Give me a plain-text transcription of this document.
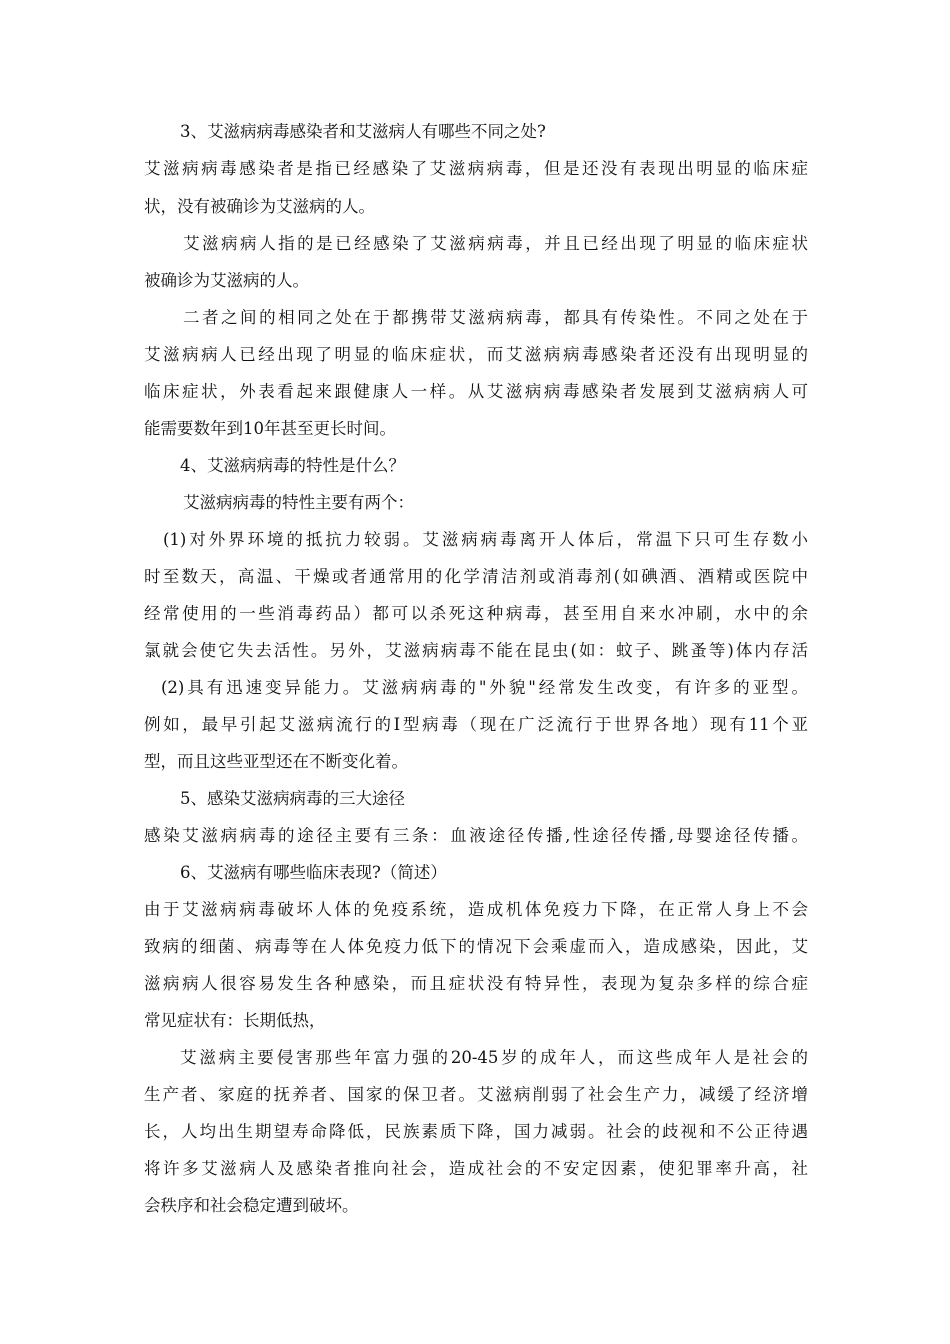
3、艾滋病病毒感染者和艾滋病人有哪些不同之处?
艾滋病病毒感染者是指已经感染了艾滋病病毒，但是还没有表现出明显的临床症
状，没有被确诊为艾滋病的人。
艾滋病病人指的是已经感染了艾滋病病毒，并且已经出现了明显的临床症状
被确诊为艾滋病的人。
二者之间的相同之处在于都携带艾滋病病毒，都具有传染性。不同之处在于
艾滋病病人已经出现了明显的临床症状，而艾滋病病毒感染者还没有出现明显的
临床症状，外表看起来跟健康人一样。从艾滋病病毒感染者发展到艾滋病病人可
能需要数年到10年甚至更长时间。
4、艾滋病病毒的特性是什么？
艾滋病病毒的特性主要有两个：
(1)对外界环境的抵抗力较弱。艾滋病病毒离开人体后，常温下只可生存数小
时至数天，高温、干燥或者通常用的化学清洁剂或消毒剂(如碘酒、酒精或医院中
经常使用的一些消毒药品）都可以杀死这种病毒，甚至用自来水冲刷，水中的余
氯就会使它失去活性。另外，艾滋病病毒不能在昆虫(如：蚊子、跳蚤等)体内存活
(2)具有迅速变异能力。艾滋病病毒的"外貌"经常发生改变，有许多的亚型。
例如，最早引起艾滋病流行的Ⅰ型病毒（现在广泛流行于世界各地）现有11个亚
型，而且这些亚型还在不断变化着。
5、感染艾滋病病毒的三大途径
感染艾滋病病毒的途径主要有三条：血液途径传播,性途径传播,母婴途径传播。
6、艾滋病有哪些临床表现?（简述）
由于艾滋病病毒破坏人体的免疫系统，造成机体免疫力下降，在正常人身上不会
致病的细菌、病毒等在人体免疫力低下的情况下会乘虚而入，造成感染，因此，艾
滋病病人很容易发生各种感染，而且症状没有特异性，表现为复杂多样的综合症
常见症状有：长期低热，
艾滋病主要侵害那些年富力强的20-45岁的成年人，而这些成年人是社会的
生产者、家庭的抚养者、国家的保卫者。艾滋病削弱了社会生产力，减缓了经济增
长，人均出生期望寿命降低，民族素质下降，国力减弱。社会的歧视和不公正待遇
将许多艾滋病人及感染者推向社会，造成社会的不安定因素，使犯罪率升高，社
会秩序和社会稳定遭到破坏。
